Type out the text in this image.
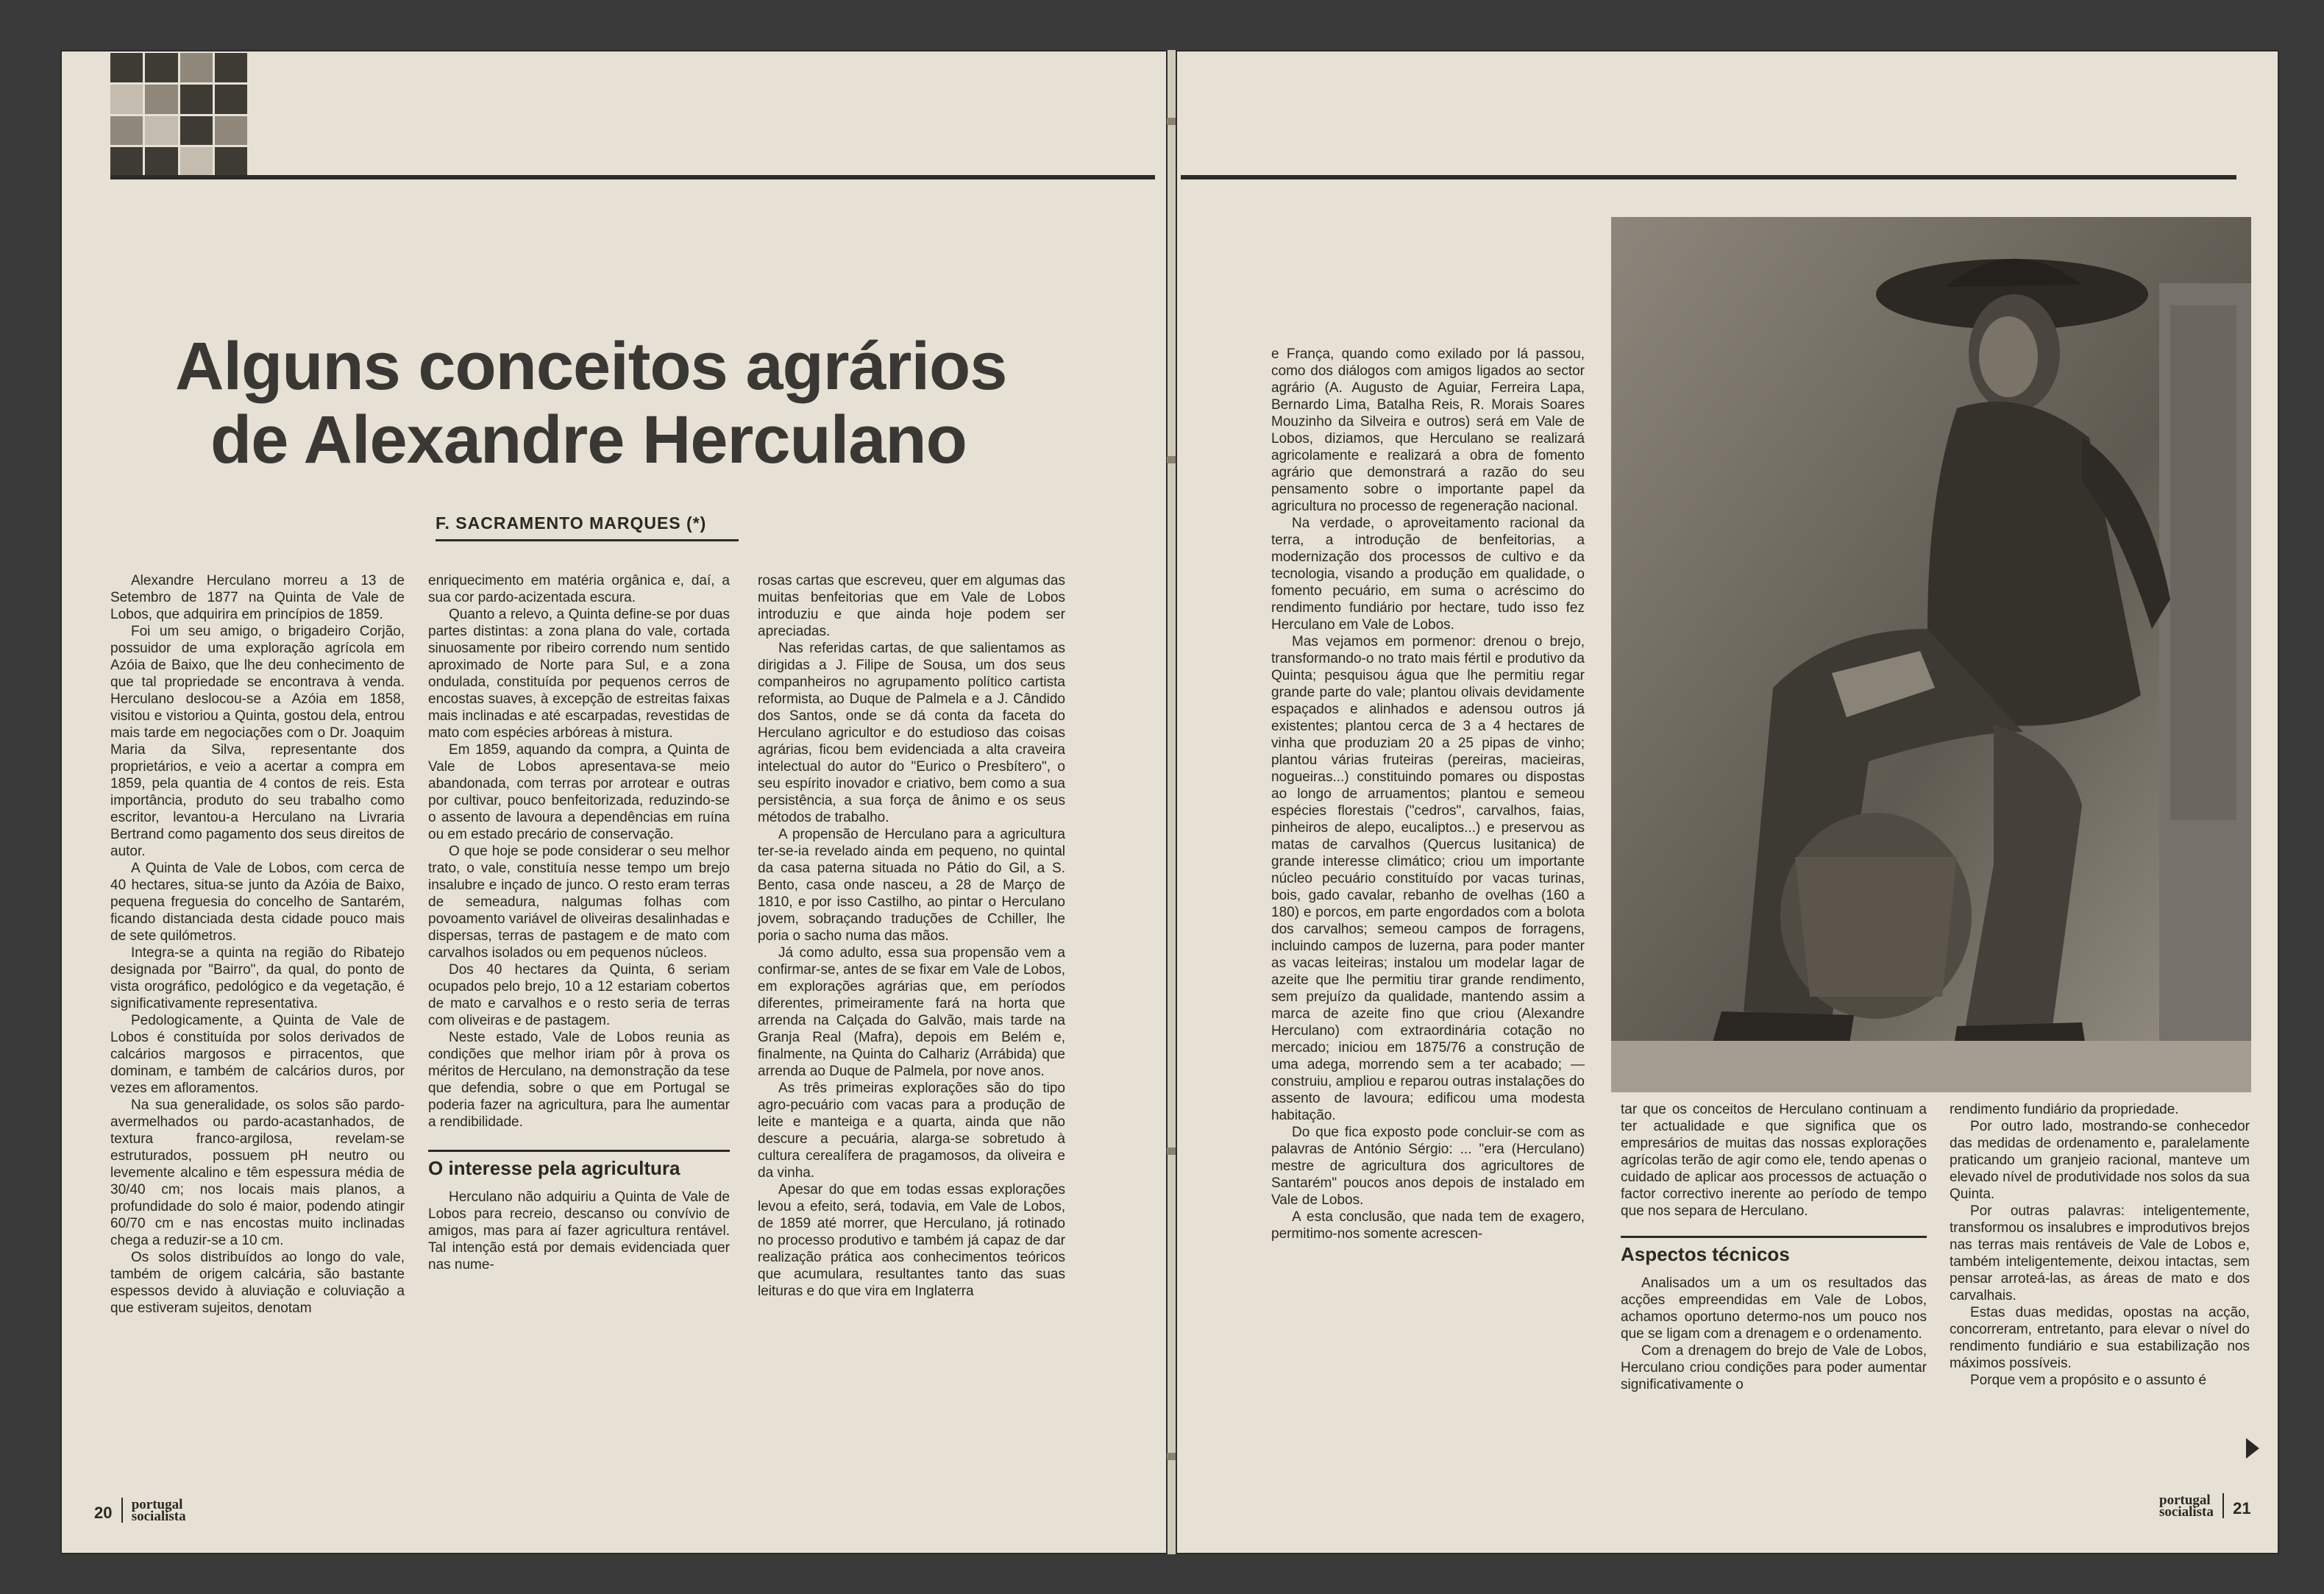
Alguns conceitos agrários
de Alexandre Herculano
F. SACRAMENTO MARQUES (*)

Alexandre Herculano morreu a 13 de Setembro de 1877 na Quinta de Vale de Lobos, que adquirira em princípios de 1859.

Foi um seu amigo, o brigadeiro Corjão, possuidor de uma exploração agrícola em Azóia de Baixo, que lhe deu conhecimento de que tal propriedade se encontrava à venda. Herculano deslocou-se a Azóia em 1858, visitou e vistoriou a Quinta, gostou dela, entrou mais tarde em negociações com o Dr. Joaquim Maria da Silva, representante dos proprietários, e veio a acertar a compra em 1859, pela quantia de 4 contos de reis. Esta importância, produto do seu trabalho como escritor, levantou-a Herculano na Livraria Bertrand como pagamento dos seus direitos de autor.

A Quinta de Vale de Lobos, com cerca de 40 hectares, situa-se junto da Azóia de Baixo, pequena freguesia do concelho de Santarém, ficando distanciada desta cidade pouco mais de sete quilómetros.

Integra-se a quinta na região do Ribatejo designada por "Bairro", da qual, do ponto de vista orográfico, pedológico e da vegetação, é significativamente representativa.

Pedologicamente, a Quinta de Vale de Lobos é constituída por solos derivados de calcários margosos e pirracentos, que dominam, e também de calcários duros, por vezes em afloramentos.

Na sua generalidade, os solos são pardo-avermelhados ou pardo-acastanhados, de textura franco-argilosa, revelam-se estruturados, possuem pH neutro ou levemente alcalino e têm espessura média de 30/40 cm; nos locais mais planos, a profundidade do solo é maior, podendo atingir 60/70 cm e nas encostas muito inclinadas chega a reduzir-se a 10 cm.

Os solos distribuídos ao longo do vale, também de origem calcária, são bastante espessos devido à aluviação e coluviação a que estiveram sujeitos, denotam

enriquecimento em matéria orgânica e, daí, a sua cor pardo-acizentada escura.

Quanto a relevo, a Quinta define-se por duas partes distintas: a zona plana do vale, cortada sinuosamente por ribeiro correndo num sentido aproximado de Norte para Sul, e a zona ondulada, constituída por pequenos cerros de encostas suaves, à excepção de estreitas faixas mais inclinadas e até escarpadas, revestidas de mato com espécies arbóreas à mistura.

Em 1859, aquando da compra, a Quinta de Vale de Lobos apresentava-se meio abandonada, com terras por arrotear e outras por cultivar, pouco benfeitorizada, reduzindo-se o assento de lavoura a dependências em ruína ou em estado precário de conservação.

O que hoje se pode considerar o seu melhor trato, o vale, constituía nesse tempo um brejo insalubre e inçado de junco. O resto eram terras de semeadura, nalgumas folhas com povoamento variável de oliveiras desalinhadas e dispersas, terras de pastagem e de mato com carvalhos isolados ou em pequenos núcleos.

Dos 40 hectares da Quinta, 6 seriam ocupados pelo brejo, 10 a 12 estariam cobertos de mato e carvalhos e o resto seria de terras com oliveiras e de pastagem.

Neste estado, Vale de Lobos reunia as condições que melhor iriam pôr à prova os méritos de Herculano, na demonstração da tese que defendia, sobre o que em Portugal se poderia fazer na agricultura, para lhe aumentar a rendibilidade.

O interesse pela agricultura

Herculano não adquiriu a Quinta de Vale de Lobos para recreio, descanso ou convívio de amigos, mas para aí fazer agricultura rentável. Tal intenção está por demais evidenciada quer nas nume-

rosas cartas que escreveu, quer em algumas das muitas benfeitorias que em Vale de Lobos introduziu e que ainda hoje podem ser apreciadas.

Nas referidas cartas, de que salientamos as dirigidas a J. Filipe de Sousa, um dos seus companheiros no agrupamento político cartista reformista, ao Duque de Palmela e a J. Cândido dos Santos, onde se dá conta da faceta do Herculano agricultor e do estudioso das coisas agrárias, ficou bem evidenciada a alta craveira intelectual do autor do "Eurico o Presbítero", o seu espírito inovador e criativo, bem como a sua persistência, a sua força de ânimo e os seus métodos de trabalho.

A propensão de Herculano para a agricultura ter-se-ia revelado ainda em pequeno, no quintal da casa paterna situada no Pátio do Gil, a S. Bento, casa onde nasceu, a 28 de Março de 1810, e por isso Castilho, ao pintar o Herculano jovem, sobraçando traduções de Cchiller, lhe poria o sacho numa das mãos.

Já como adulto, essa sua propensão vem a confirmar-se, antes de se fixar em Vale de Lobos, em explorações agrárias que, em períodos diferentes, primeiramente fará na horta que arrenda na Calçada do Galvão, mais tarde na Granja Real (Mafra), depois em Belém e, finalmente, na Quinta do Calhariz (Arrábida) que arrenda ao Duque de Palmela, por nove anos.

As três primeiras explorações são do tipo agro-pecuário com vacas para a produção de leite e manteiga e a quarta, ainda que não descure a pecuária, alarga-se sobretudo à cultura cerealífera de pragamosos, da oliveira e da vinha.

Apesar do que em todas essas explorações levou a efeito, será, todavia, em Vale de Lobos, de 1859 até morrer, que Herculano, já rotinado no processo produtivo e também já capaz de dar realização prática aos conhecimentos teóricos que acumulara, resultantes tanto das suas leituras e do que vira em Inglaterra

e França, quando como exilado por lá passou, como dos diálogos com amigos ligados ao sector agrário (A. Augusto de Aguiar, Ferreira Lapa, Bernardo Lima, Batalha Reis, R. Morais Soares Mouzinho da Silveira e outros) será em Vale de Lobos, diziamos, que Herculano se realizará agricolamente e realizará a obra de fomento agrário que demonstrará a razão do seu pensamento sobre o importante papel da agricultura no processo de regeneração nacional.

Na verdade, o aproveitamento racional da terra, a introdução de benfeitorias, a modernização dos processos de cultivo e da tecnologia, visando a produção em qualidade, o fomento pecuário, em suma o acréscimo do rendimento fundiário por hectare, tudo isso fez Herculano em Vale de Lobos.

Mas vejamos em pormenor: drenou o brejo, transformando-o no trato mais fértil e produtivo da Quinta; pesquisou água que lhe permitiu regar grande parte do vale; plantou olivais devidamente espaçados e alinhados e adensou outros já existentes; plantou cerca de 3 a 4 hectares de vinha que produziam 20 a 25 pipas de vinho; plantou várias fruteiras (pereiras, macieiras, nogueiras...) constituindo pomares ou dispostas ao longo de arruamentos; plantou e semeou espécies florestais ("cedros", carvalhos, faias, pinheiros de alepo, eucaliptos...) e preservou as matas de carvalhos (Quercus lusitanica) de grande interesse climático; criou um importante núcleo pecuário constituído por vacas turinas, bois, gado cavalar, rebanho de ovelhas (160 a 180) e porcos, em parte engordados com a bolota dos carvalhos; semeou campos de forragens, incluindo campos de luzerna, para poder manter as vacas leiteiras; instalou um modelar lagar de azeite que lhe permitiu tirar grande rendimento, sem prejuízo da qualidade, mantendo assim a marca de azeite fino que criou (Alexandre Herculano) com extraordinária cotação no mercado; iniciou em 1875/76 a construção de uma adega, morrendo sem a ter acabado; — construiu, ampliou e reparou outras instalações do assento de lavoura; edificou uma modesta habitação.

Do que fica exposto pode concluir-se com as palavras de António Sérgio: ... "era (Herculano) mestre de agricultura dos agricultores de Santarém" poucos anos depois de instalado em Vale de Lobos.

A esta conclusão, que nada tem de exagero, permitimo-nos somente acrescen-

tar que os conceitos de Herculano continuam a ter actualidade e que significa que os empresários de muitas das nossas explorações agrícolas terão de agir como ele, tendo apenas o cuidado de aplicar aos processos de actuação o factor correctivo inerente ao período de tempo que nos separa de Herculano.

Aspectos técnicos

Analisados um a um os resultados das acções empreendidas em Vale de Lobos, achamos oportuno determo-nos um pouco nos que se ligam com a drenagem e o ordenamento.

Com a drenagem do brejo de Vale de Lobos, Herculano criou condições para poder aumentar significativamente o

rendimento fundiário da propriedade.

Por outro lado, mostrando-se conhecedor das medidas de ordenamento e, paralelamente praticando um granjeio racional, manteve um elevado nível de produtividade nos solos da sua Quinta.

Por outras palavras: inteligentemente, transformou os insalubres e improdutivos brejos nas terras mais rentáveis de Vale de Lobos e, também inteligentemente, deixou intactas, sem pensar arroteá-las, as áreas de mato e dos carvalhais.

Estas duas medidas, opostas na acção, concorreram, entretanto, para elevar o nível do rendimento fundiário e sua estabilização nos máximos possíveis.

Porque vem a propósito e o assunto é

20 portugal
socialista
portugal
socialista 21
